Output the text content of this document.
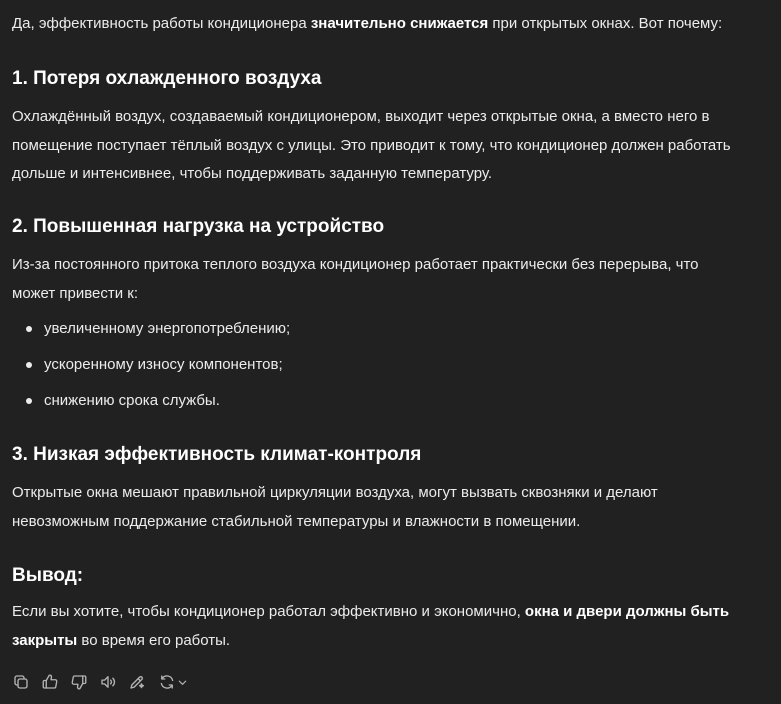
Да, эффективность работы кондиционера значительно снижается при открытых окнах. Вот почему:

1. Потеря охлажденного воздуха
Охлаждённый воздух, создаваемый кондиционером, выходит через открытые окна, а вместо него в
помещение поступает тёплый воздух с улицы. Это приводит к тому, что кондиционер должен работать
дольше и интенсивнее, чтобы поддерживать заданную температуру.
2. Повышенная нагрузка на устройство
Из-за постоянного притока теплого воздуха кондиционер работает практически без перерыва, что
может привести к:
увеличенному энергопотреблению;
ускоренному износу компонентов;
снижению срока службы.
3. Низкая эффективность климат-контроля
Открытые окна мешают правильной циркуляции воздуха, могут вызвать сквозняки и делают
невозможным поддержание стабильной температуры и влажности в помещении.
Вывод:
Если вы хотите, чтобы кондиционер работал эффективно и экономично, окна и двери должны быть
закрыты во время его работы.
